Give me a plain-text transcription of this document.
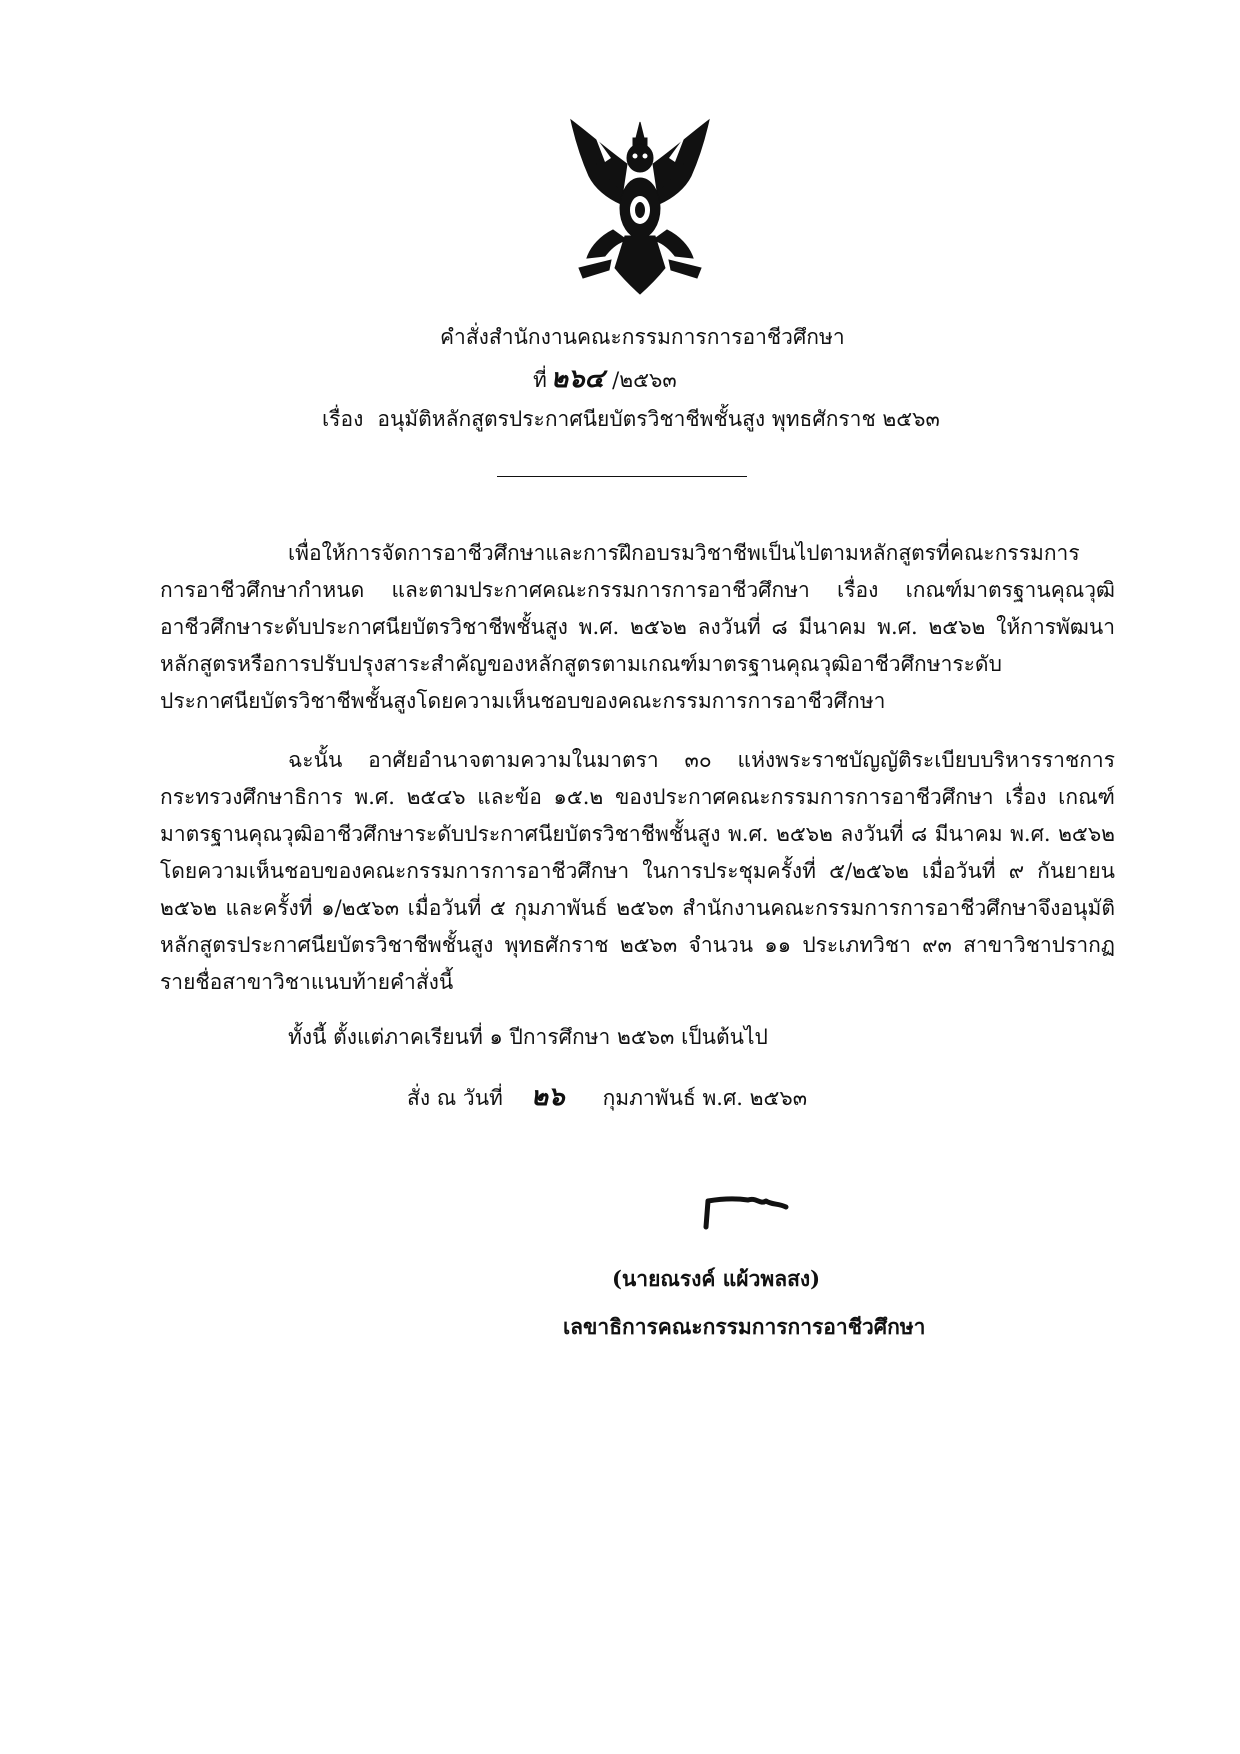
คำสั่งสำนักงานคณะกรรมการการอาชีวศึกษา
ที่ ๒๖๔ /๒๕๖๓
เรื่อง อนุมัติหลักสูตรประกาศนียบัตรวิชาชีพชั้นสูง พุทธศักราช ๒๕๖๓
เพื่อให้การจัดการอาชีวศึกษาและการฝึกอบรมวิชาชีพเป็นไปตามหลักสูตรที่คณะกรรมการการอาชีวศึกษากำหนด และตามประกาศคณะกรรมการการอาชีวศึกษา เรื่อง เกณฑ์มาตรฐานคุณวุฒิอาชีวศึกษาระดับประกาศนียบัตรวิชาชีพชั้นสูง พ.ศ. ๒๕๖๒ ลงวันที่ ๘ มีนาคม พ.ศ. ๒๕๖๒ ให้การพัฒนาหลักสูตรหรือการปรับปรุงสาระสำคัญของหลักสูตรตามเกณฑ์มาตรฐานคุณวุฒิอาชีวศึกษาระดับประกาศนียบัตรวิชาชีพชั้นสูงโดยความเห็นชอบของคณะกรรมการการอาชีวศึกษา
ฉะนั้น อาศัยอำนาจตามความในมาตรา ๓๐ แห่งพระราชบัญญัติระเบียบบริหารราชการกระทรวงศึกษาธิการ พ.ศ. ๒๕๔๖ และข้อ ๑๕.๒ ของประกาศคณะกรรมการการอาชีวศึกษา เรื่อง เกณฑ์มาตรฐานคุณวุฒิอาชีวศึกษาระดับประกาศนียบัตรวิชาชีพชั้นสูง พ.ศ. ๒๕๖๒ ลงวันที่ ๘ มีนาคม พ.ศ. ๒๕๖๒ โดยความเห็นชอบของคณะกรรมการการอาชีวศึกษา ในการประชุมครั้งที่ ๕/๒๕๖๒ เมื่อวันที่ ๙ กันยายน ๒๕๖๒ และครั้งที่ ๑/๒๕๖๓ เมื่อวันที่ ๕ กุมภาพันธ์ ๒๕๖๓ สำนักงานคณะกรรมการการอาชีวศึกษาจึงอนุมัติหลักสูตรประกาศนียบัตรวิชาชีพชั้นสูง พุทธศักราช ๒๕๖๓ จำนวน ๑๑ ประเภทวิชา ๙๓ สาขาวิชาปรากฏรายชื่อสาขาวิชาแนบท้ายคำสั่งนี้
ทั้งนี้ ตั้งแต่ภาคเรียนที่ ๑ ปีการศึกษา ๒๕๖๓ เป็นต้นไป
สั่ง ณ วันที่ ๒๖ กุมภาพันธ์ พ.ศ. ๒๕๖๓
(นายณรงค์ แผ้วพลสง)
เลขาธิการคณะกรรมการการอาชีวศึกษา
